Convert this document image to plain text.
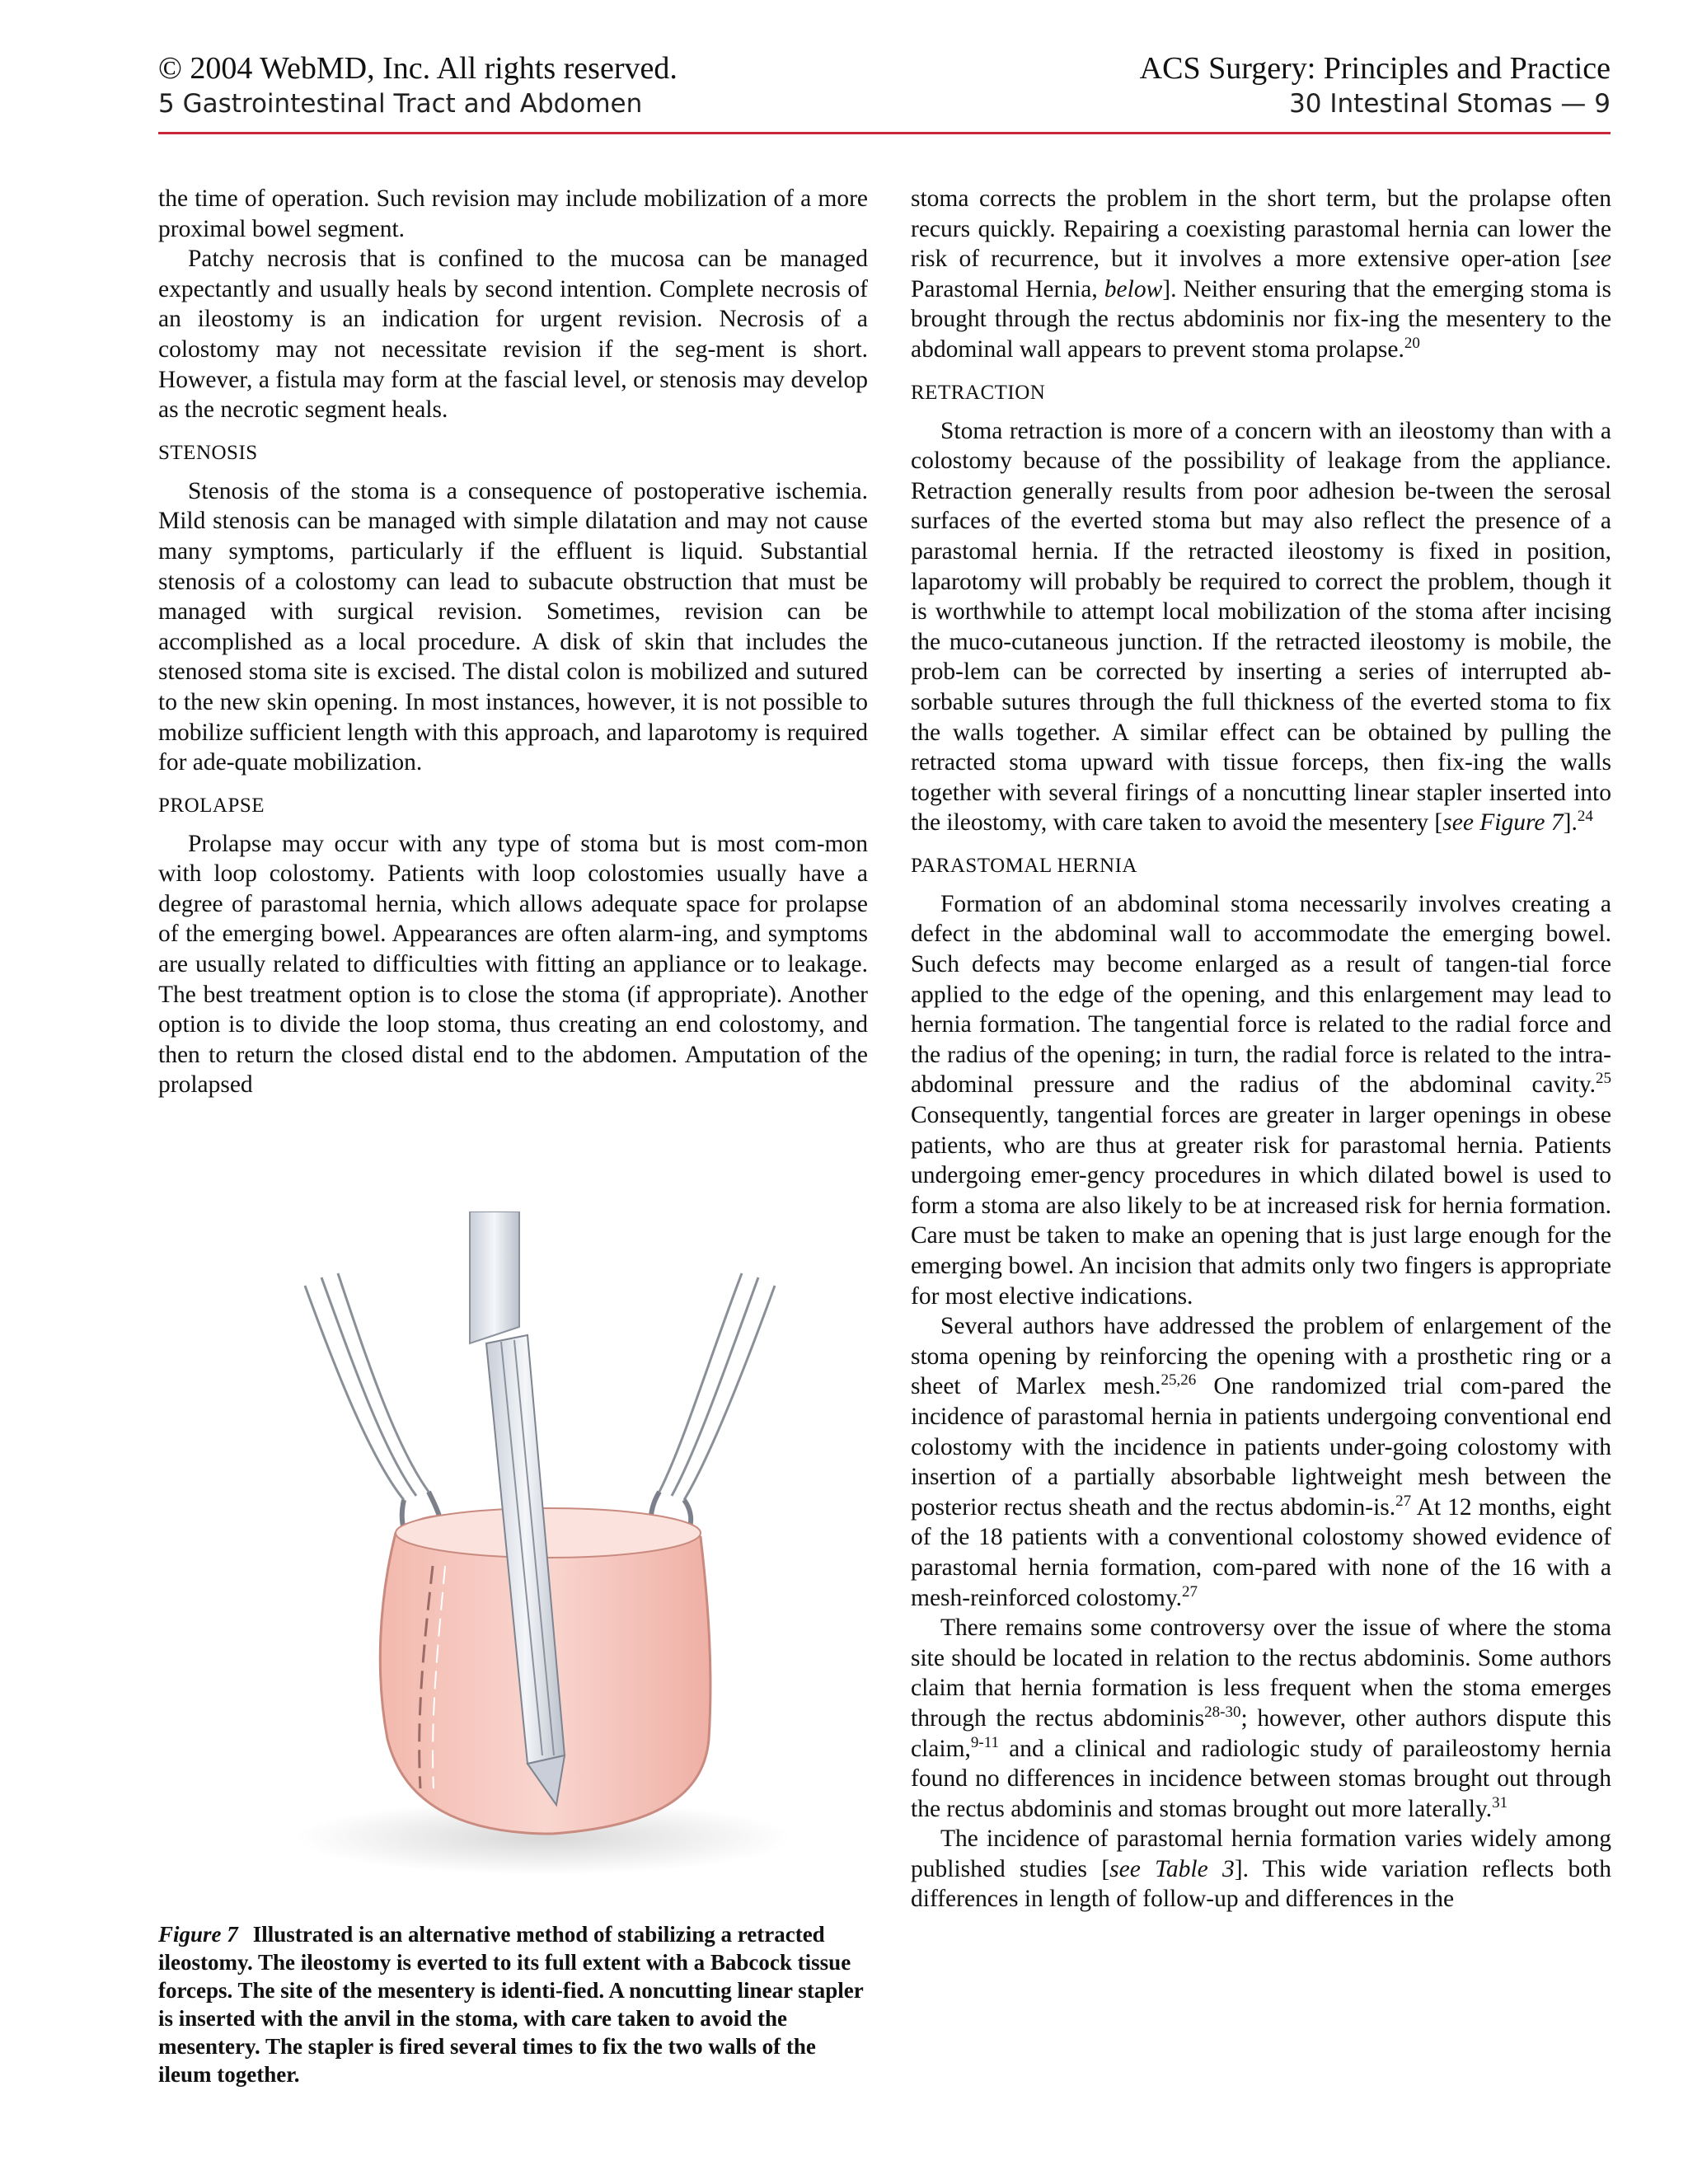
© 2004 WebMD, Inc. All rights reserved.
5 Gastrointestinal Tract and Abdomen
ACS Surgery: Principles and Practice
30 Intestinal Stomas — 9

the time of operation. Such revision may include mobilization of a more proximal bowel segment.

Patchy necrosis that is confined to the mucosa can be managed expectantly and usually heals by second intention. Complete necrosis of an ileostomy is an indication for urgent revision. Necrosis of a colostomy may not necessitate revision if the seg-ment is short. However, a fistula may form at the fascial level, or stenosis may develop as the necrotic segment heals.

STENOSIS

Stenosis of the stoma is a consequence of postoperative ischemia. Mild stenosis can be managed with simple dilatation and may not cause many symptoms, particularly if the effluent is liquid. Substantial stenosis of a colostomy can lead to subacute obstruction that must be managed with surgical revision. Sometimes, revision can be accomplished as a local procedure. A disk of skin that includes the stenosed stoma site is excised. The distal colon is mobilized and sutured to the new skin opening. In most instances, however, it is not possible to mobilize sufficient length with this approach, and laparotomy is required for ade-quate mobilization.

PROLAPSE

Prolapse may occur with any type of stoma but is most com-mon with loop colostomy. Patients with loop colostomies usually have a degree of parastomal hernia, which allows adequate space for prolapse of the emerging bowel. Appearances are often alarm-ing, and symptoms are usually related to difficulties with fitting an appliance or to leakage. The best treatment option is to close the stoma (if appropriate). Another option is to divide the loop stoma, thus creating an end colostomy, and then to return the closed distal end to the abdomen. Amputation of the prolapsed

Figure 7 Illustrated is an alternative method of stabilizing a retracted ileostomy. The ileostomy is everted to its full extent with a Babcock tissue forceps. The site of the mesentery is identi-fied. A noncutting linear stapler is inserted with the anvil in the stoma, with care taken to avoid the mesentery. The stapler is fired several times to fix the two walls of the ileum together.

stoma corrects the problem in the short term, but the prolapse often recurs quickly. Repairing a coexisting parastomal hernia can lower the risk of recurrence, but it involves a more extensive oper-ation [see Parastomal Hernia, below]. Neither ensuring that the emerging stoma is brought through the rectus abdominis nor fix-ing the mesentery to the abdominal wall appears to prevent stoma prolapse.$^{20}$

RETRACTION

Stoma retraction is more of a concern with an ileostomy than with a colostomy because of the possibility of leakage from the appliance. Retraction generally results from poor adhesion be-tween the serosal surfaces of the everted stoma but may also reflect the presence of a parastomal hernia. If the retracted ileostomy is fixed in position, laparotomy will probably be required to correct the problem, though it is worthwhile to attempt local mobilization of the stoma after incising the muco-cutaneous junction. If the retracted ileostomy is mobile, the prob-lem can be corrected by inserting a series of interrupted ab-sorbable sutures through the full thickness of the everted stoma to fix the walls together. A similar effect can be obtained by pulling the retracted stoma upward with tissue forceps, then fix-ing the walls together with several firings of a noncutting linear stapler inserted into the ileostomy, with care taken to avoid the mesentery [see Figure 7].$^{24}$

PARASTOMAL HERNIA

Formation of an abdominal stoma necessarily involves creating a defect in the abdominal wall to accommodate the emerging bowel. Such defects may become enlarged as a result of tangen-tial force applied to the edge of the opening, and this enlargement may lead to hernia formation. The tangential force is related to the radial force and the radius of the opening; in turn, the radial force is related to the intra-abdominal pressure and the radius of the abdominal cavity.$^{25}$ Consequently, tangential forces are greater in larger openings in obese patients, who are thus at greater risk for parastomal hernia. Patients undergoing emer-gency procedures in which dilated bowel is used to form a stoma are also likely to be at increased risk for hernia formation. Care must be taken to make an opening that is just large enough for the emerging bowel. An incision that admits only two fingers is appropriate for most elective indications.

Several authors have addressed the problem of enlargement of the stoma opening by reinforcing the opening with a prosthetic ring or a sheet of Marlex mesh.$^{25,26}$ One randomized trial com-pared the incidence of parastomal hernia in patients undergoing conventional end colostomy with the incidence in patients under-going colostomy with insertion of a partially absorbable lightweight mesh between the posterior rectus sheath and the rectus abdomin-is.$^{27}$ At 12 months, eight of the 18 patients with a conventional colostomy showed evidence of parastomal hernia formation, com-pared with none of the 16 with a mesh-reinforced colostomy.$^{27}$

There remains some controversy over the issue of where the stoma site should be located in relation to the rectus abdominis. Some authors claim that hernia formation is less frequent when the stoma emerges through the rectus abdominis$^{28-30}$; however, other authors dispute this claim,$^{9-11}$ and a clinical and radiologic study of paraileostomy hernia found no differences in incidence between stomas brought out through the rectus abdominis and stomas brought out more laterally.$^{31}$

The incidence of parastomal hernia formation varies widely among published studies [see Table 3]. This wide variation reflects both differences in length of follow-up and differences in the
